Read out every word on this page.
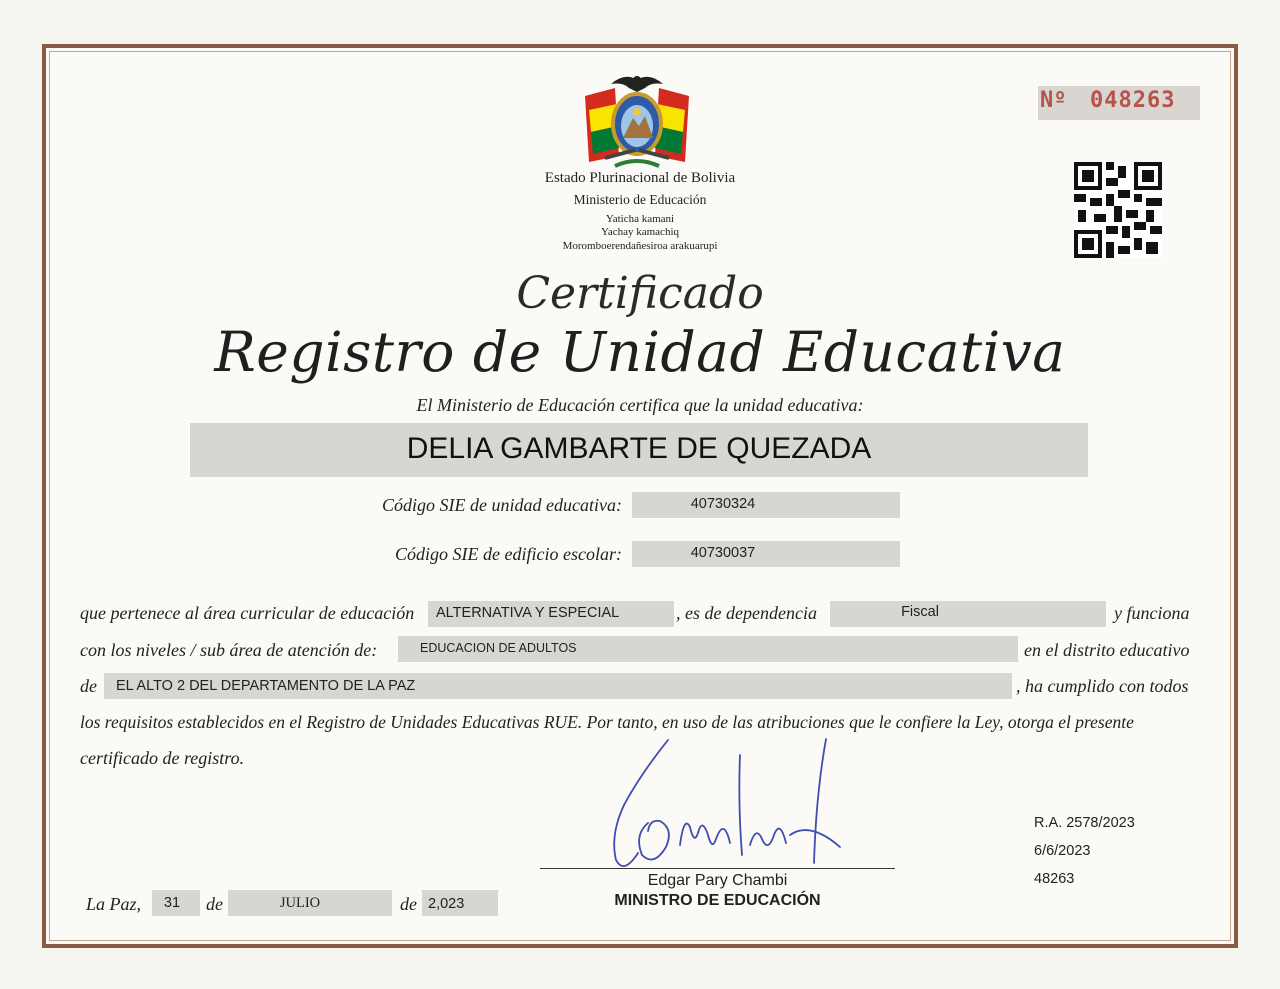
Estado Plurinacional de Bolivia
Ministerio de Educación
Yaticha kamani
Yachay kamachiq
Moromboerendañesiroa arakuarupi
Nº 048263
Certificado
Registro de Unidad Educativa
El Ministerio de Educación certifica que la unidad educativa:
DELIA GAMBARTE DE QUEZADA
Código SIE de unidad educativa:	40730324
Código SIE de edificio escolar:	40730037
que pertenece al área curricular de educación ALTERNATIVA Y ESPECIAL	, es de dependencia	Fiscal	y funciona
con los niveles / sub área de atención de:	EDUCACION DE ADULTOS	en el distrito educativo
de EL ALTO 2 DEL DEPARTAMENTO DE LA PAZ	, ha cumplido con todos
los requisitos establecidos en el Registro de Unidades Educativas RUE. Por tanto, en uso de las atribuciones que le confiere la Ley, otorga el presente
certificado de registro.
Edgar Pary Chambi
MINISTRO DE EDUCACIÓN
R.A. 2578/2023
6/6/2023
48263
La Paz,	31	de	JULIO	de 2,023
